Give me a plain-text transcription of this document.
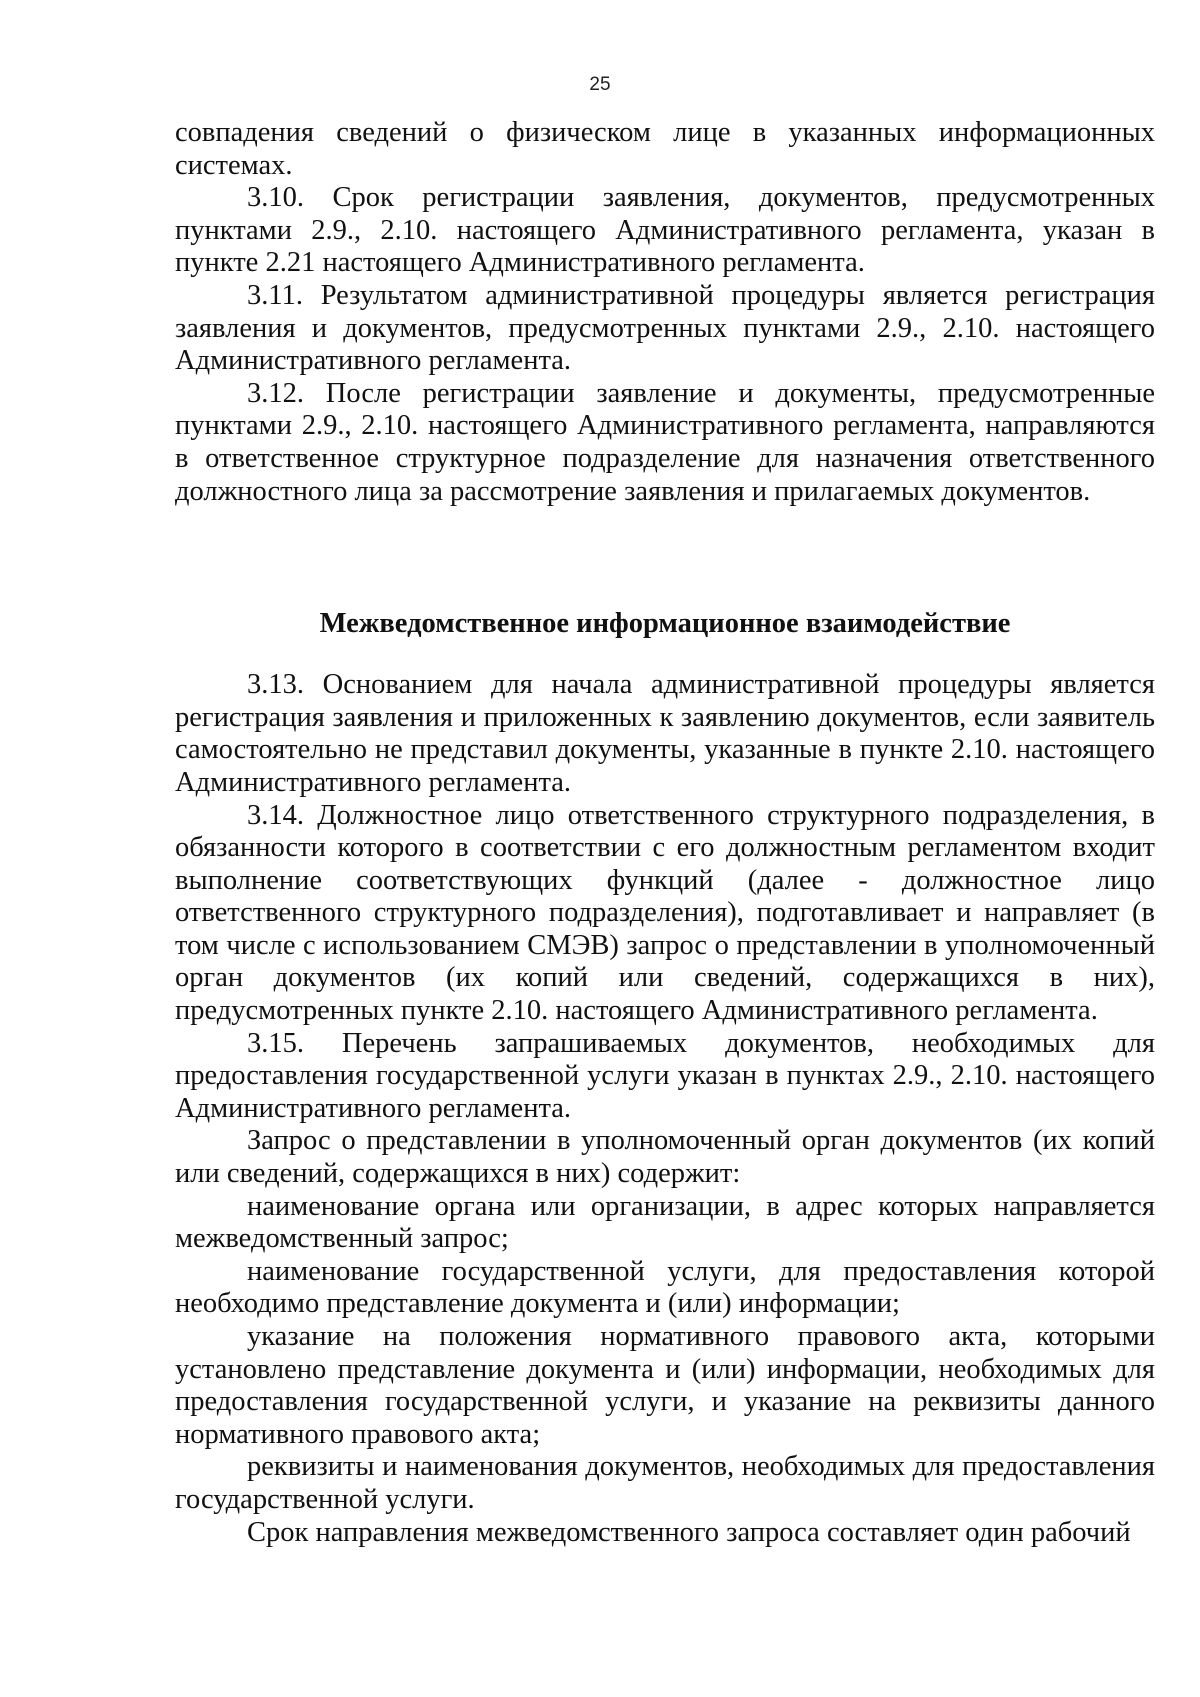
25

совпадения сведений о физическом лице в указанных информационных системах.

3.10. Срок регистрации заявления, документов, предусмотренных пунктами 2.9., 2.10. настоящего Административного регламента, указан в пункте 2.21 настоящего Административного регламента.

3.11. Результатом административной процедуры является регистрация заявления и документов, предусмотренных пунктами 2.9., 2.10. настоящего Административного регламента.

3.12. После регистрации заявление и документы, предусмотренные пунктами 2.9., 2.10. настоящего Административного регламента, направляются в ответственное структурное подразделение для назначения ответственного должностного лица за рассмотрение заявления и прилагаемых документов.

Межведомственное информационное взаимодействие

3.13. Основанием для начала административной процедуры является регистрация заявления и приложенных к заявлению документов, если заявитель самостоятельно не представил документы, указанные в пункте 2.10. настоящего Административного регламента.

3.14. Должностное лицо ответственного структурного подразделения, в обязанности которого в соответствии с его должностным регламентом входит выполнение соответствующих функций (далее - должностное лицо ответственного структурного подразделения), подготавливает и направляет (в том числе с использованием СМЭВ) запрос о представлении в уполномоченный орган документов (их копий или сведений, содержащихся в них), предусмотренных пункте 2.10. настоящего Административного регламента.

3.15. Перечень запрашиваемых документов, необходимых для предоставления государственной услуги указан в пунктах 2.9., 2.10. настоящего Административного регламента.

Запрос о представлении в уполномоченный орган документов (их копий или сведений, содержащихся в них) содержит:

наименование органа или организации, в адрес которых направляется межведомственный запрос;

наименование государственной услуги, для предоставления которой необходимо представление документа и (или) информации;

указание на положения нормативного правового акта, которыми установлено представление документа и (или) информации, необходимых для предоставления государственной услуги, и указание на реквизиты данного нормативного правового акта;

реквизиты и наименования документов, необходимых для предоставления государственной услуги.

Срок направления межведомственного запроса составляет один рабочий
